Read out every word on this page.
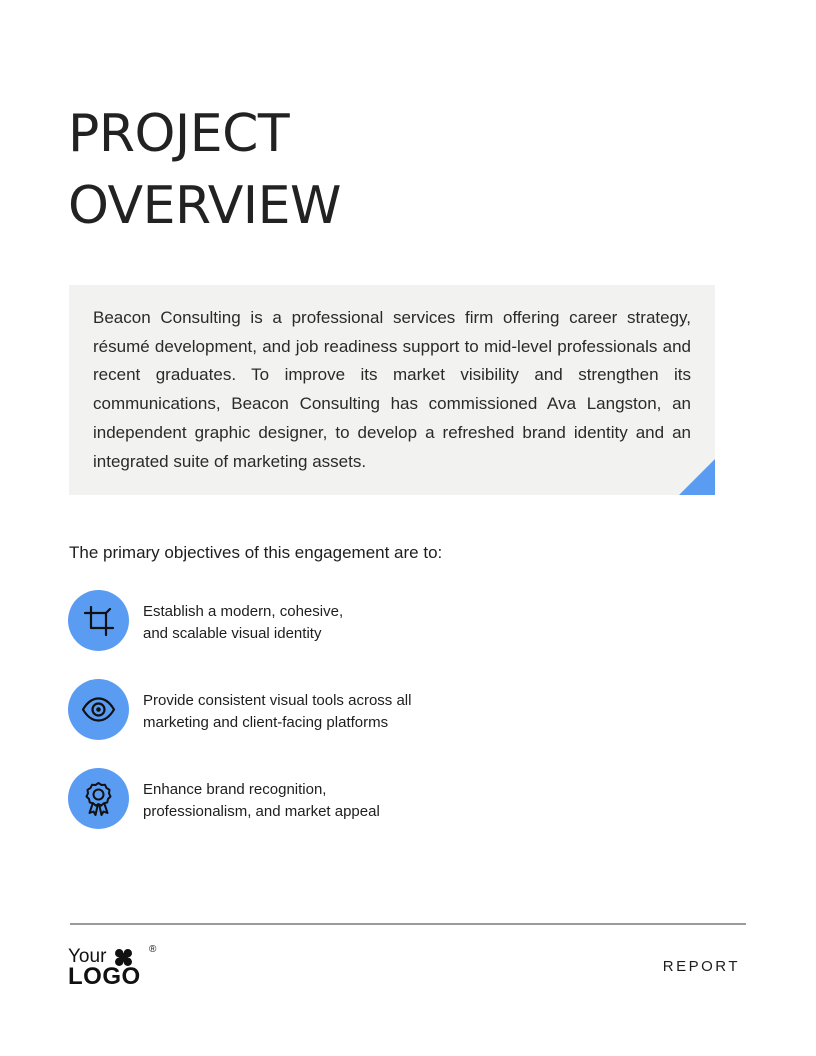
PROJECT
OVERVIEW

Beacon Consulting is a professional services firm offering career strategy, résumé development, and job readiness support to mid-level professionals and recent graduates. To improve its market visibility and strengthen its communications, Beacon Consulting has commissioned Ava Langston, an independent graphic designer, to develop a refreshed brand identity and an integrated suite of marketing assets.

The primary objectives of this engagement are to:

Establish a modern, cohesive,
and scalable visual identity

Provide consistent visual tools across all
marketing and client-facing platforms

Enhance brand recognition,
professionalism, and market appeal

Your	®
LOGO	REPORT
